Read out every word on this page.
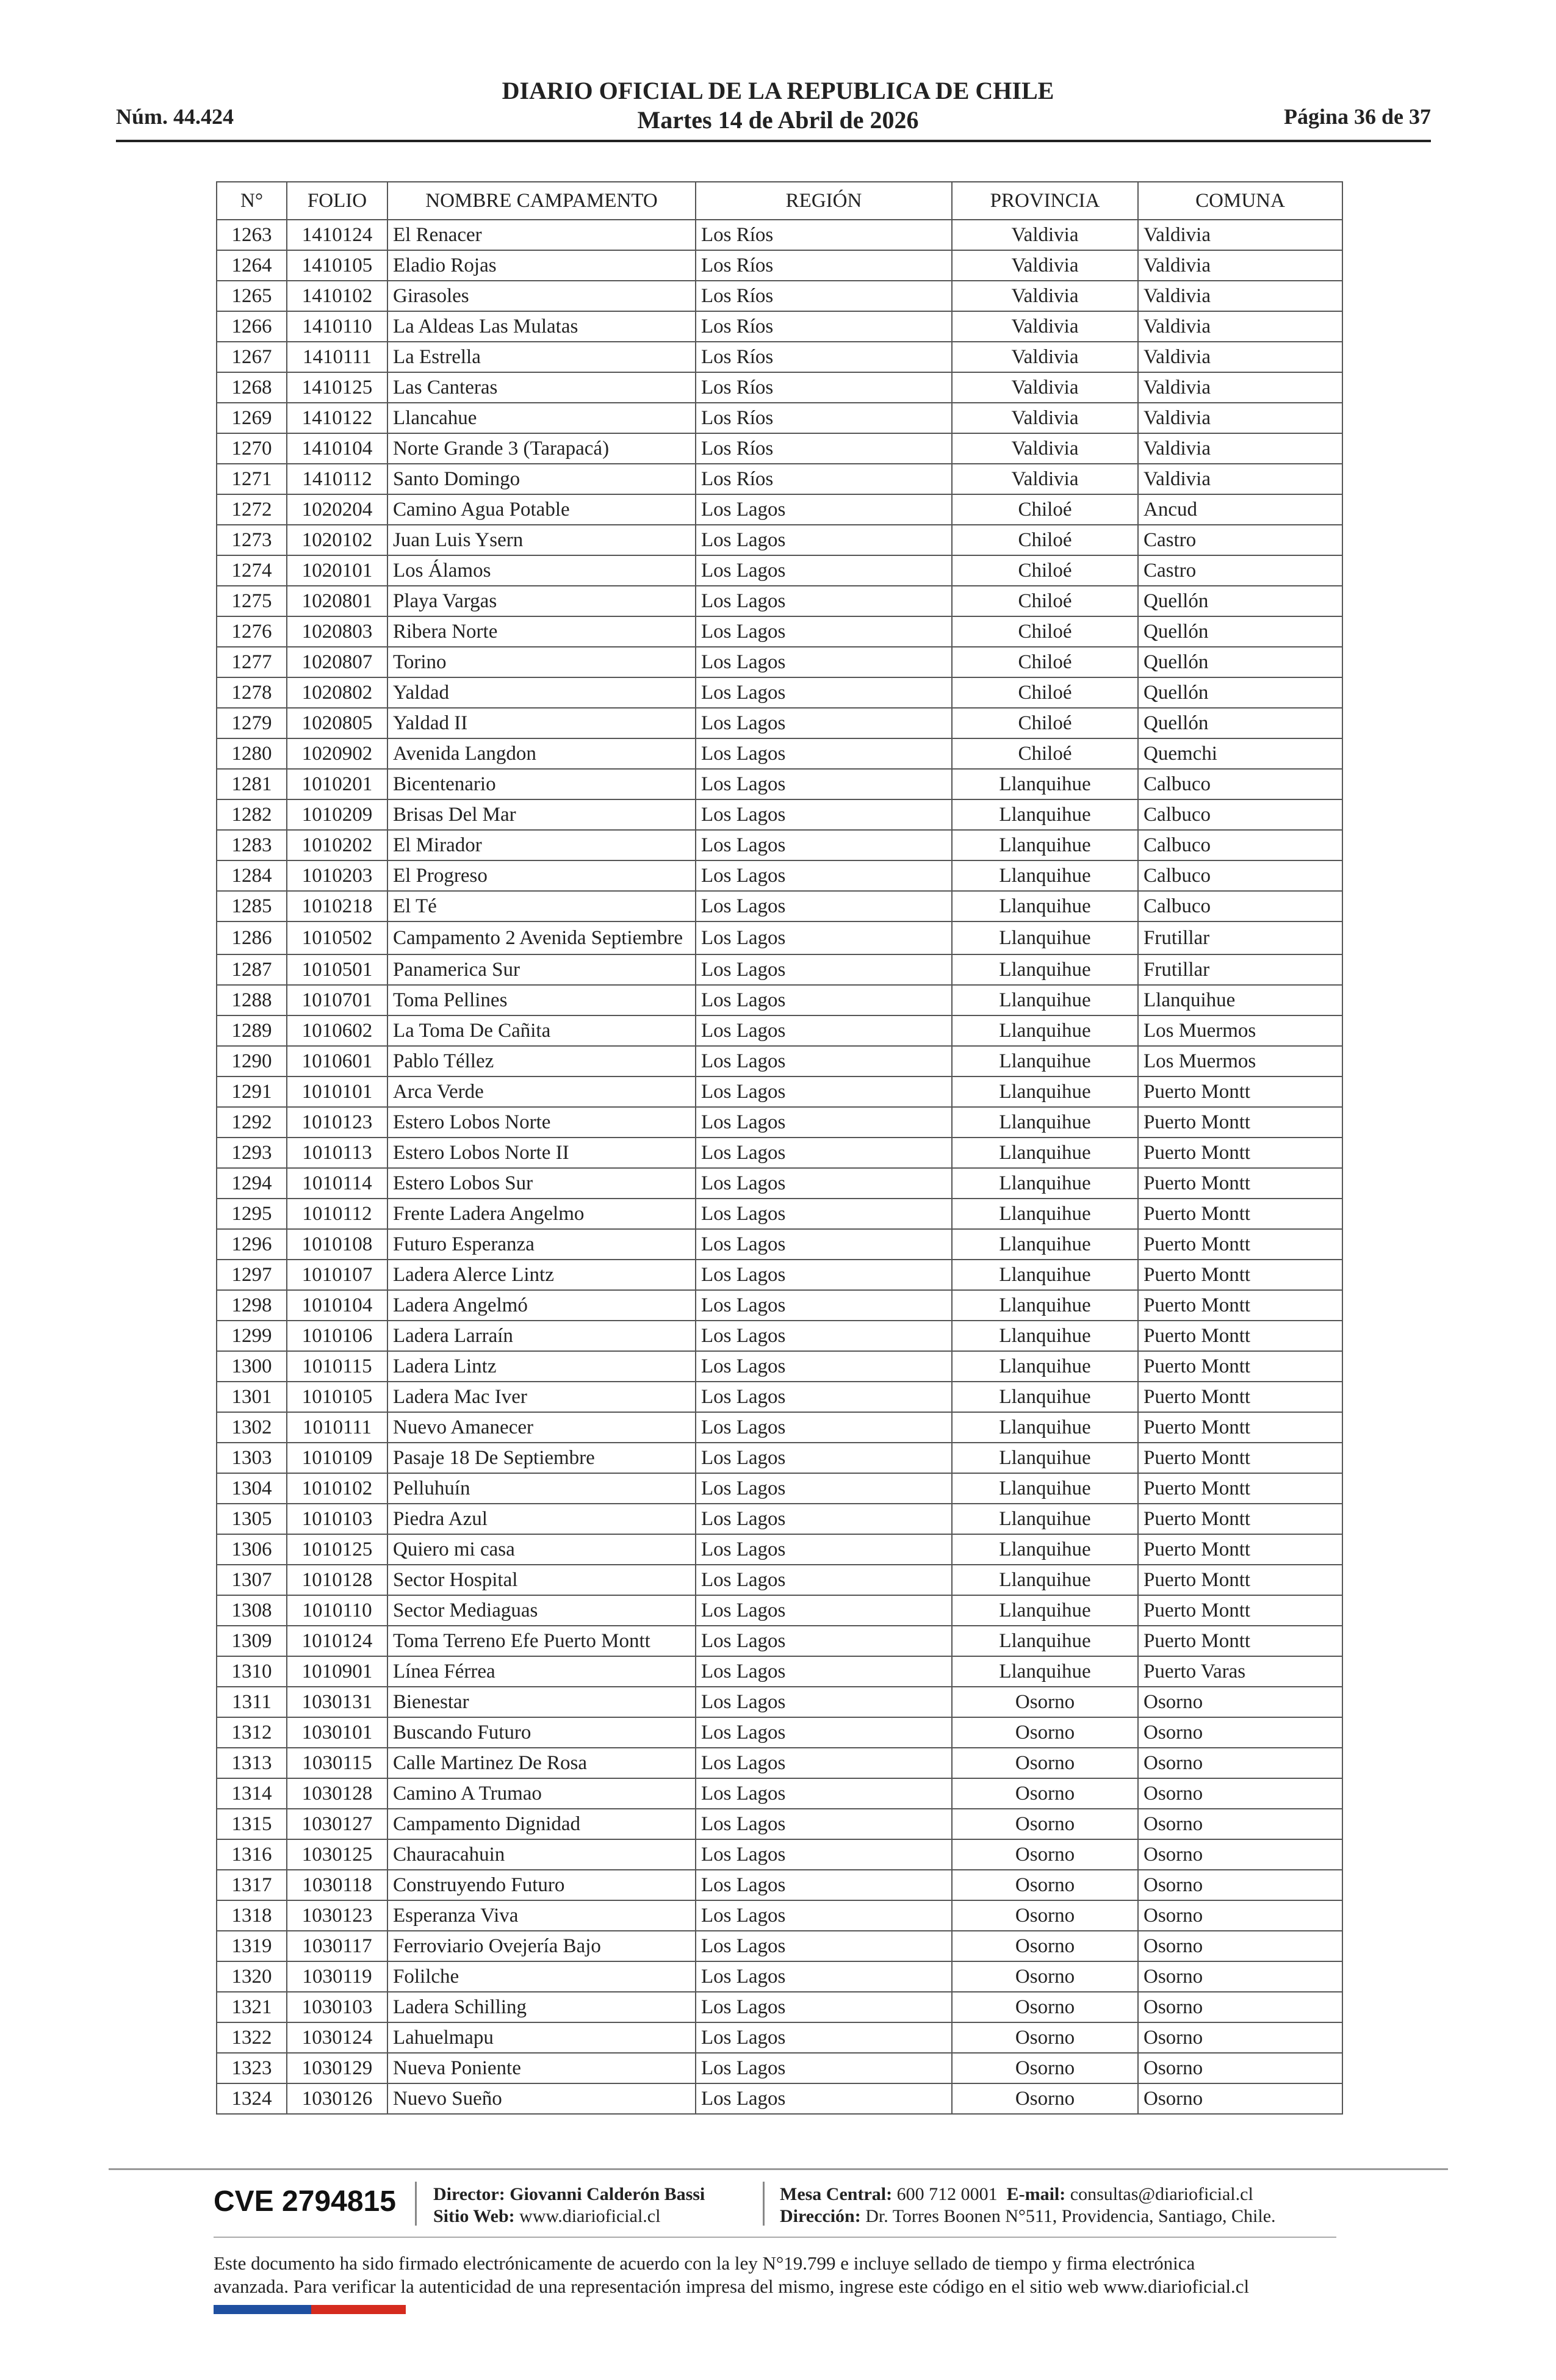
Núm. 44.424
DIARIO OFICIAL DE LA REPUBLICA DE CHILE
Martes 14 de Abril de 2026	Página 36 de 37
N°	FOLIO	NOMBRE CAMPAMENTO	REGIÓN	PROVINCIA	COMUNA
1263	1410124	El Renacer	Los Ríos	Valdivia	Valdivia
1264	1410105	Eladio Rojas	Los Ríos	Valdivia	Valdivia
1265	1410102	Girasoles	Los Ríos	Valdivia	Valdivia
1266	1410110	La Aldeas Las Mulatas	Los Ríos	Valdivia	Valdivia
1267	1410111	La Estrella	Los Ríos	Valdivia	Valdivia
1268	1410125	Las Canteras	Los Ríos	Valdivia	Valdivia
1269	1410122	Llancahue	Los Ríos	Valdivia	Valdivia
1270	1410104	Norte Grande 3 (Tarapacá)	Los Ríos	Valdivia	Valdivia
1271	1410112	Santo Domingo	Los Ríos	Valdivia	Valdivia
1272	1020204	Camino Agua Potable	Los Lagos	Chiloé	Ancud
1273	1020102	Juan Luis Ysern	Los Lagos	Chiloé	Castro
1274	1020101	Los Álamos	Los Lagos	Chiloé	Castro
1275	1020801	Playa Vargas	Los Lagos	Chiloé	Quellón
1276	1020803	Ribera Norte	Los Lagos	Chiloé	Quellón
1277	1020807	Torino	Los Lagos	Chiloé	Quellón
1278	1020802	Yaldad	Los Lagos	Chiloé	Quellón
1279	1020805	Yaldad II	Los Lagos	Chiloé	Quellón
1280	1020902	Avenida Langdon	Los Lagos	Chiloé	Quemchi
1281	1010201	Bicentenario	Los Lagos	Llanquihue	Calbuco
1282	1010209	Brisas Del Mar	Los Lagos	Llanquihue	Calbuco
1283	1010202	El Mirador	Los Lagos	Llanquihue	Calbuco
1284	1010203	El Progreso	Los Lagos	Llanquihue	Calbuco
1285	1010218	El Té	Los Lagos	Llanquihue	Calbuco
1286	1010502	Campamento 2 Avenida Septiembre	Los Lagos	Llanquihue	Frutillar
1287	1010501	Panamerica Sur	Los Lagos	Llanquihue	Frutillar
1288	1010701	Toma Pellines	Los Lagos	Llanquihue	Llanquihue
1289	1010602	La Toma De Cañita	Los Lagos	Llanquihue	Los Muermos
1290	1010601	Pablo Téllez	Los Lagos	Llanquihue	Los Muermos
1291	1010101	Arca Verde	Los Lagos	Llanquihue	Puerto Montt
1292	1010123	Estero Lobos Norte	Los Lagos	Llanquihue	Puerto Montt
1293	1010113	Estero Lobos Norte II	Los Lagos	Llanquihue	Puerto Montt
1294	1010114	Estero Lobos Sur	Los Lagos	Llanquihue	Puerto Montt
1295	1010112	Frente Ladera Angelmo	Los Lagos	Llanquihue	Puerto Montt
1296	1010108	Futuro Esperanza	Los Lagos	Llanquihue	Puerto Montt
1297	1010107	Ladera Alerce Lintz	Los Lagos	Llanquihue	Puerto Montt
1298	1010104	Ladera Angelmó	Los Lagos	Llanquihue	Puerto Montt
1299	1010106	Ladera Larraín	Los Lagos	Llanquihue	Puerto Montt
1300	1010115	Ladera Lintz	Los Lagos	Llanquihue	Puerto Montt
1301	1010105	Ladera Mac Iver	Los Lagos	Llanquihue	Puerto Montt
1302	1010111	Nuevo Amanecer	Los Lagos	Llanquihue	Puerto Montt
1303	1010109	Pasaje 18 De Septiembre	Los Lagos	Llanquihue	Puerto Montt
1304	1010102	Pelluhuín	Los Lagos	Llanquihue	Puerto Montt
1305	1010103	Piedra Azul	Los Lagos	Llanquihue	Puerto Montt
1306	1010125	Quiero mi casa	Los Lagos	Llanquihue	Puerto Montt
1307	1010128	Sector Hospital	Los Lagos	Llanquihue	Puerto Montt
1308	1010110	Sector Mediaguas	Los Lagos	Llanquihue	Puerto Montt
1309	1010124	Toma Terreno Efe Puerto Montt	Los Lagos	Llanquihue	Puerto Montt
1310	1010901	Línea Férrea	Los Lagos	Llanquihue	Puerto Varas
1311	1030131	Bienestar	Los Lagos	Osorno	Osorno
1312	1030101	Buscando Futuro	Los Lagos	Osorno	Osorno
1313	1030115	Calle Martinez De Rosa	Los Lagos	Osorno	Osorno
1314	1030128	Camino A Trumao	Los Lagos	Osorno	Osorno
1315	1030127	Campamento Dignidad	Los Lagos	Osorno	Osorno
1316	1030125	Chauracahuin	Los Lagos	Osorno	Osorno
1317	1030118	Construyendo Futuro	Los Lagos	Osorno	Osorno
1318	1030123	Esperanza Viva	Los Lagos	Osorno	Osorno
1319	1030117	Ferroviario Ovejería Bajo	Los Lagos	Osorno	Osorno
1320	1030119	Folilche	Los Lagos	Osorno	Osorno
1321	1030103	Ladera Schilling	Los Lagos	Osorno	Osorno
1322	1030124	Lahuelmapu	Los Lagos	Osorno	Osorno
1323	1030129	Nueva Poniente	Los Lagos	Osorno	Osorno
1324	1030126	Nuevo Sueño	Los Lagos	Osorno	Osorno
CVE 2794815 Director: Giovanni Calderón Bassi
Sitio Web: www.diarioficial.cl
Mesa Central: 600 712 0001 E-mail: consultas@diarioficial.cl
Dirección: Dr. Torres Boonen N°511, Providencia, Santiago, Chile.
Este documento ha sido firmado electrónicamente de acuerdo con la ley N°19.799 e incluye sellado de tiempo y firma electrónica
avanzada. Para verificar la autenticidad de una representación impresa del mismo, ingrese este código en el sitio web www.diarioficial.cl
